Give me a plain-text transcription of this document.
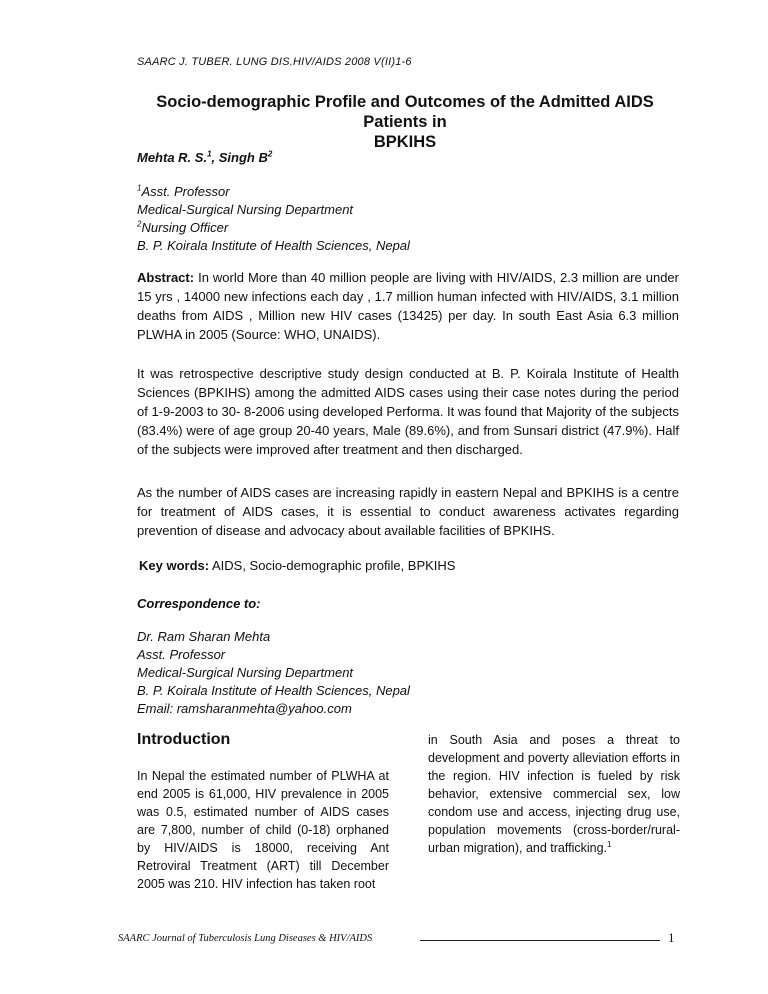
SAARC J. TUBER. LUNG DIS.HIV/AIDS 2008 V(II)1-6
Socio-demographic Profile and Outcomes of the Admitted AIDS Patients in
BPKIHS
Mehta R. S.$^1$, Singh $B^2$
$^1$Asst. Professor
Medical-Surgical Nursing Department
$^2$Nursing Officer
B. P. Koirala Institute of Health Sciences, Nepal
Abstract: In world More than 40 million people are living with HIV/AIDS, 2.3 million are under 15 yrs , 14000 new infections each day , 1.7 million human infected with HIV/AIDS, 3.1 million deaths from AIDS , Million new HIV cases (13425) per day. In south East Asia 6.3 million PLWHA in 2005 (Source: WHO, UNAIDS).
It was retrospective descriptive study design conducted at B. P. Koirala Institute of Health Sciences (BPKIHS) among the admitted AIDS cases using their case notes during the period of 1-9-2003 to 30- 8-2006 using developed Performa. It was found that Majority of the subjects (83.4%) were of age group 20-40 years, Male (89.6%), and from Sunsari district (47.9%). Half of the subjects were improved after treatment and then discharged.
As the number of AIDS cases are increasing rapidly in eastern Nepal and BPKIHS is a centre for treatment of AIDS cases, it is essential to conduct awareness activates regarding prevention of disease and advocacy about available facilities of BPKIHS.
Key words: AIDS, Socio-demographic profile, BPKIHS
Correspondence to:
Dr. Ram Sharan Mehta
Asst. Professor
Medical-Surgical Nursing Department
B. P. Koirala Institute of Health Sciences, Nepal
Email: ramsharanmehta@yahoo.com
Introduction
In Nepal the estimated number of PLWHA at end 2005 is 61,000, HIV prevalence in 2005 was 0.5, estimated number of AIDS cases are 7,800, number of child (0-18) orphaned by HIV/AIDS is 18000, receiving Ant Retroviral Treatment (ART) till December 2005 was 210. HIV infection has taken root
in South Asia and poses a threat to development and poverty alleviation efforts in the region. HIV infection is fueled by risk behavior, extensive commercial sex, low condom use and access, injecting drug use, population movements (cross-border/rural-urban migration), and trafficking.$^1$
SAARC Journal of Tuberculosis Lung Diseases & HIV/AIDS	1
